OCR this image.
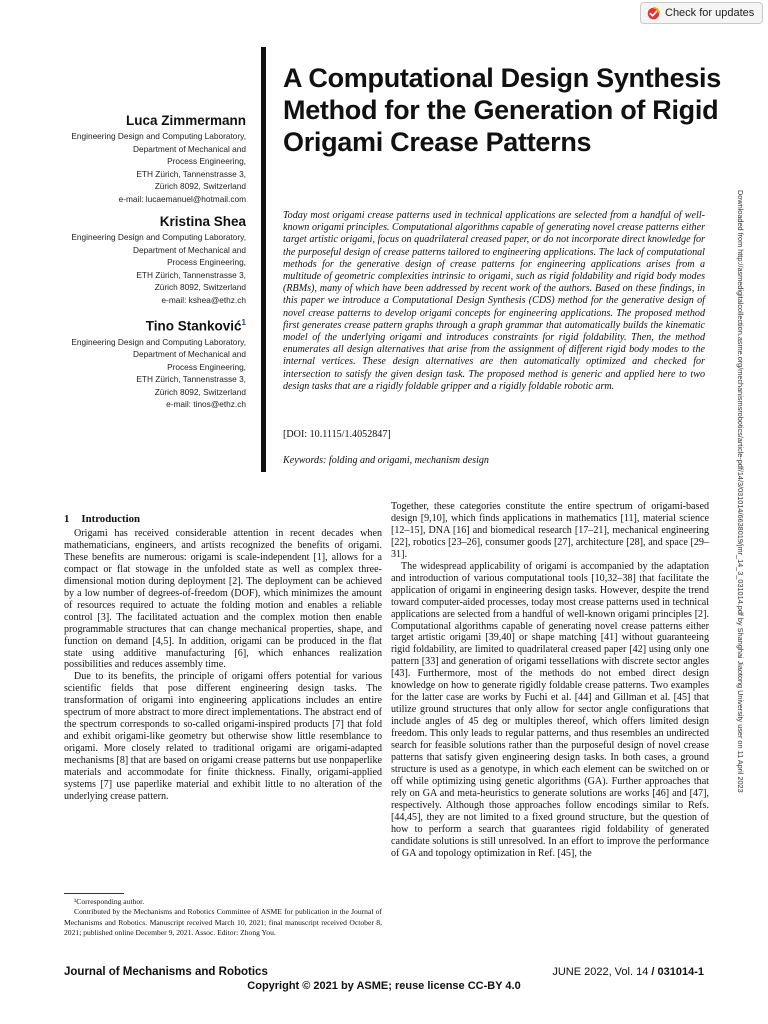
Check for updates
Downloaded from http://asmedigitalcollection.asme.org/mechanismsrobotics/article-pdf/14/3/031014/6638019/jmr_14_3_031014.pdf by Shanghai Jiaotong University user on 11 April 2023
A Computational Design Synthesis Method for the Generation of Rigid Origami Crease Patterns
Luca Zimmermann
Engineering Design and Computing Laboratory,
Department of Mechanical and
Process Engineering,
ETH Zürich, Tannenstrasse 3,
Zürich 8092, Switzerland
e-mail: lucaemanuel@hotmail.com
Kristina Shea
Engineering Design and Computing Laboratory,
Department of Mechanical and
Process Engineering,
ETH Zürich, Tannenstrasse 3,
Zürich 8092, Switzerland
e-mail: kshea@ethz.ch
Tino Stanković$^1$
Engineering Design and Computing Laboratory,
Department of Mechanical and
Process Engineering,
ETH Zürich, Tannenstrasse 3,
Zürich 8092, Switzerland
e-mail: tinos@ethz.ch
Today most origami crease patterns used in technical applications are selected from a handful of well-known origami principles. Computational algorithms capable of generating novel crease patterns either target artistic origami, focus on quadrilateral creased paper, or do not incorporate direct knowledge for the purposeful design of crease patterns tailored to engineering applications. The lack of computational methods for the generative design of crease patterns for engineering applications arises from a multitude of geometric complexities intrinsic to origami, such as rigid foldability and rigid body modes (RBMs), many of which have been addressed by recent work of the authors. Based on these findings, in this paper we introduce a Computational Design Synthesis (CDS) method for the generative design of novel crease patterns to develop origami concepts for engineering applications. The proposed method first generates crease pattern graphs through a graph grammar that automatically builds the kinematic model of the underlying origami and introduces constraints for rigid foldability. Then, the method enumerates all design alternatives that arise from the assignment of different rigid body modes to the internal vertices. These design alternatives are then automatically optimized and checked for intersection to satisfy the given design task. The proposed method is generic and applied here to two design tasks that are a rigidly foldable gripper and a rigidly foldable robotic arm.
[DOI: 10.1115/1.4052847]
Keywords: folding and origami, mechanism design
1 Introduction

Origami has received considerable attention in recent decades when mathematicians, engineers, and artists recognized the benefits of origami. These benefits are numerous: origami is scale-independent [1], allows for a compact or flat stowage in the unfolded state as well as complex three-dimensional motion during deployment [2]. The deployment can be achieved by a low number of degrees-of-freedom (DOF), which minimizes the amount of resources required to actuate the folding motion and enables a reliable control [3]. The facilitated actuation and the complex motion then enable programmable structures that can change mechanical properties, shape, and function on demand [4,5]. In addition, origami can be produced in the flat state using additive manufacturing [6], which enhances realization possibilities and reduces assembly time.

Due to its benefits, the principle of origami offers potential for various scientific fields that pose different engineering design tasks. The transformation of origami into engineering applications includes an entire spectrum of more abstract to more direct implementations. The abstract end of the spectrum corresponds to so-called origami-inspired products [7] that fold and exhibit origami-like geometry but otherwise show little resemblance to origami. More closely related to traditional origami are origami-adapted mechanisms [8] that are based on origami crease patterns but use nonpaperlike materials and accommodate for finite thickness. Finally, origami-applied systems [7] use paperlike material and exhibit little to no alteration of the underlying crease pattern.

Together, these categories constitute the entire spectrum of origami-based design [9,10], which finds applications in mathematics [11], material science [12–15], DNA [16] and biomedical research [17–21], mechanical engineering [22], robotics [23–26], consumer goods [27], architecture [28], and space [29–31].

The widespread applicability of origami is accompanied by the adaptation and introduction of various computational tools [10,32–38] that facilitate the application of origami in engineering design tasks. However, despite the trend toward computer-aided processes, today most crease patterns used in technical applications are selected from a handful of well-known origami principles [2]. Computational algorithms capable of generating novel crease patterns either target artistic origami [39,40] or shape matching [41] without guaranteeing rigid foldability, are limited to quadrilateral creased paper [42] using only one pattern [33] and generation of origami tessellations with discrete sector angles [43]. Furthermore, most of the methods do not embed direct design knowledge on how to generate rigidly foldable crease patterns. Two examples for the latter case are works by Fuchi et al. [44] and Gillman et al. [45] that utilize ground structures that only allow for sector angle configurations that include angles of 45 deg or multiples thereof, which offers limited design freedom. This only leads to regular patterns, and thus resembles an undirected search for feasible solutions rather than the purposeful design of novel crease patterns that satisfy given engineering design tasks. In both cases, a ground structure is used as a genotype, in which each element can be switched on or off while optimizing using genetic algorithms (GA). Further approaches that rely on GA and meta-heuristics to generate solutions are works [46] and [47], respectively. Although those approaches follow encodings similar to Refs. [44,45], they are not limited to a fixed ground structure, but the question of how to perform a search that guarantees rigid foldability of generated candidate solutions is still unresolved. In an effort to improve the performance of GA and topology optimization in Ref. [45], the

¹Corresponding author.
Contributed by the Mechanisms and Robotics Committee of ASME for publication in the Journal of Mechanisms and Robotics. Manuscript received March 10, 2021; final manuscript received October 8, 2021; published online December 9, 2021. Assoc. Editor: Zhong You.
Journal of Mechanisms and Robotics	JUNE 2022, Vol. 14 / 031014-1
Copyright © 2021 by ASME; reuse license CC-BY 4.0
